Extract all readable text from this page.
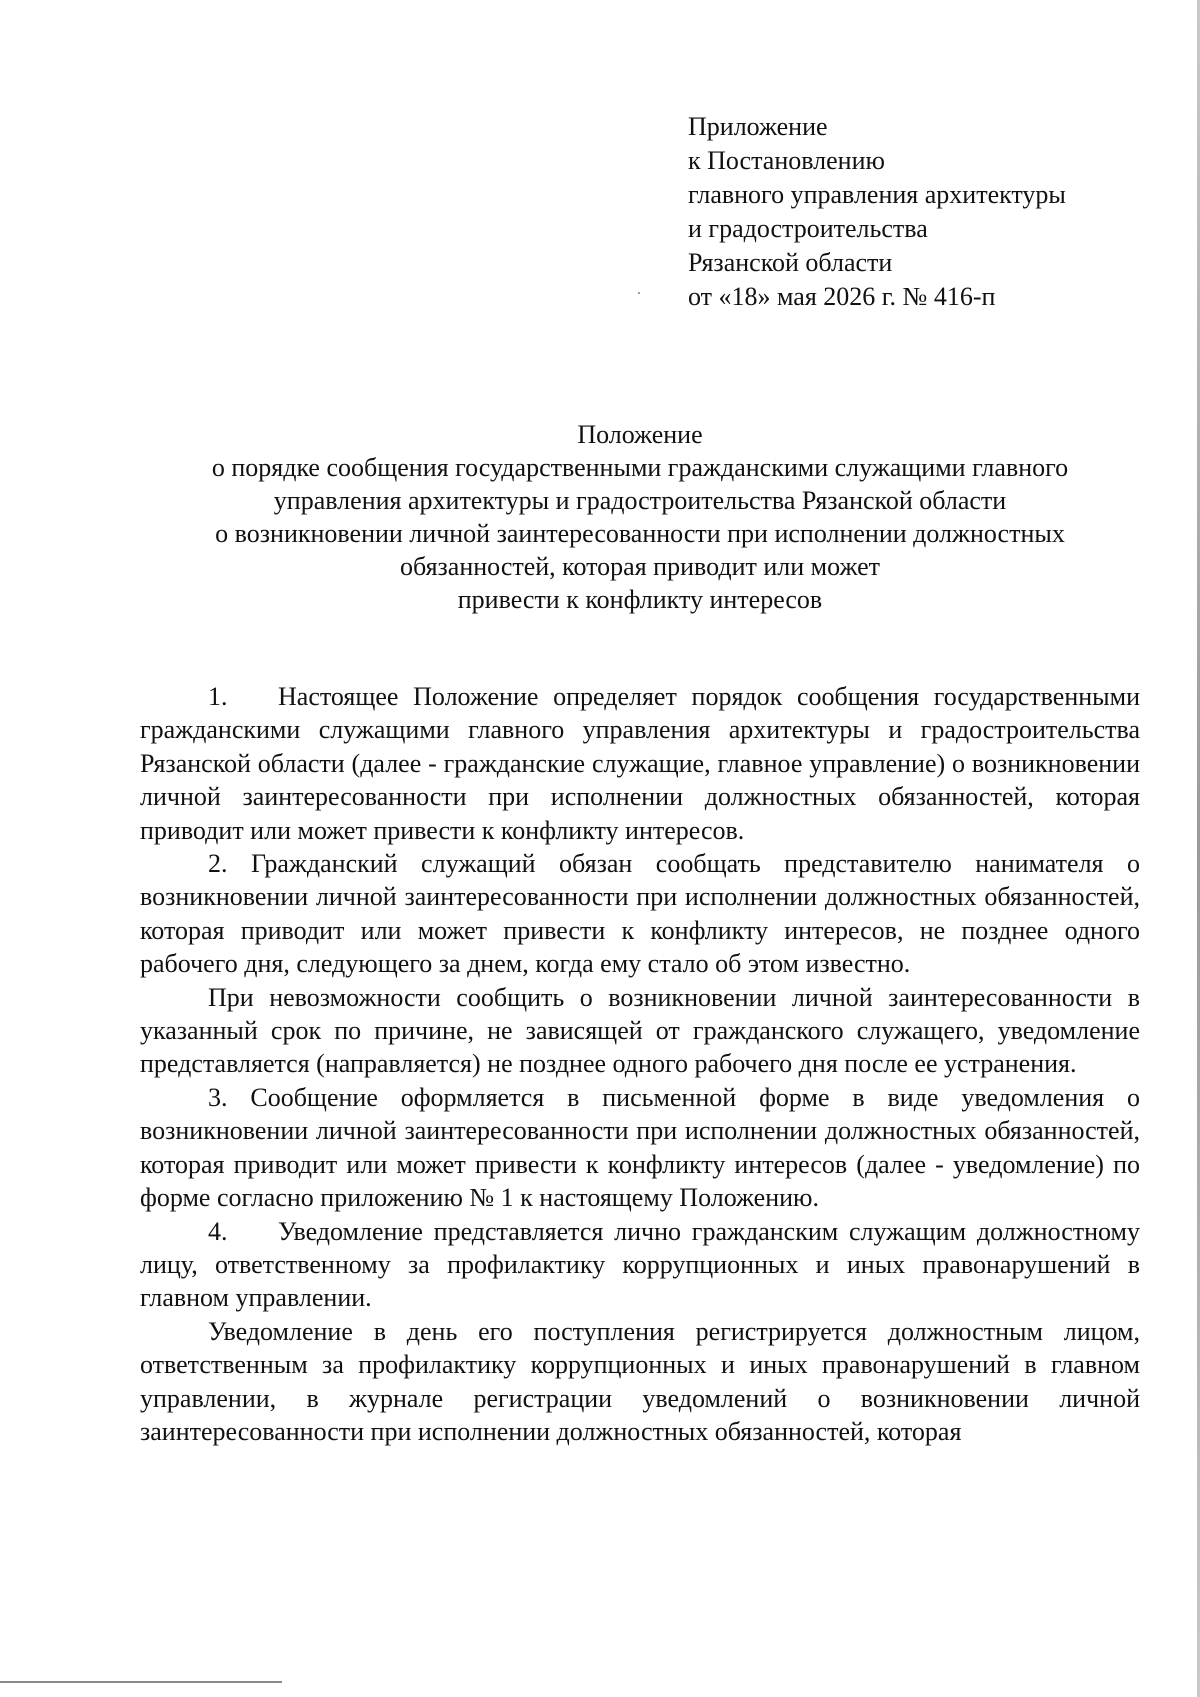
Приложение
к Постановлению
главного управления архитектуры
и градостроительства
Рязанской области
от «18» мая 2026 г. № 416-п
Положение
о порядке сообщения государственными гражданскими служащими главного
управления архитектуры и градостроительства Рязанской области
о возникновении личной заинтересованности при исполнении должностных
обязанностей, которая приводит или может
привести к конфликту интересов

1. Настоящее Положение определяет порядок сообщения государственными гражданскими служащими главного управления архитектуры и градостроительства Рязанской области (далее - гражданские служащие, главное управление) о возникновении личной заинтересованности при исполнении должностных обязанностей, которая приводит или может привести к конфликту интересов.

2. Гражданский служащий обязан сообщать представителю нанимателя о возникновении личной заинтересованности при исполнении должностных обязанностей, которая приводит или может привести к конфликту интересов, не позднее одного рабочего дня, следующего за днем, когда ему стало об этом известно.

При невозможности сообщить о возникновении личной заинтересованности в указанный срок по причине, не зависящей от гражданского служащего, уведомление представляется (направляется) не позднее одного рабочего дня после ее устранения.

3. Сообщение оформляется в письменной форме в виде уведомления о возникновении личной заинтересованности при исполнении должностных обязанностей, которая приводит или может привести к конфликту интересов (далее - уведомление) по форме согласно приложению № 1 к настоящему Положению.

4. Уведомление представляется лично гражданским служащим должностному лицу, ответственному за профилактику коррупционных и иных правонарушений в главном управлении.

Уведомление в день его поступления регистрируется должностным лицом, ответственным за профилактику коррупционных и иных правонарушений в главном управлении, в журнале регистрации уведомлений о возникновении личной заинтересованности при исполнении должностных обязанностей, которая
